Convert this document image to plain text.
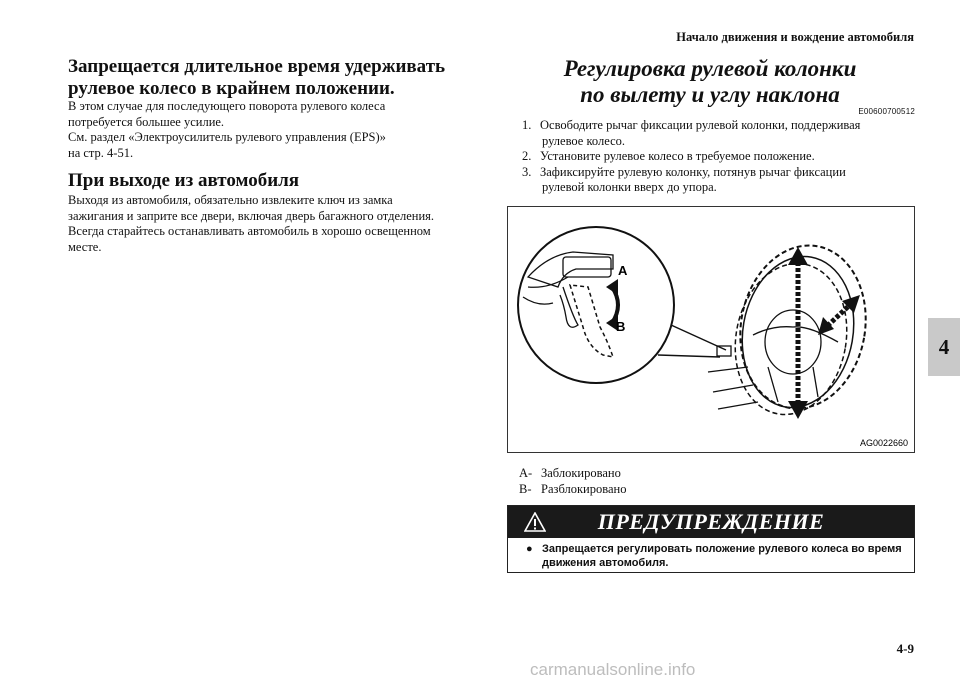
Начало движения и вождение автомобиля
Запрещается длительное время удерживать
рулевое колесо в крайнем положении.
В этом случае для последующего поворота рулевого колеса
потребуется большее усилие.
См. раздел «Электроусилитель рулевого управления (EPS)»
на стр. 4-51.
При выходе из автомобиля
Выходя из автомобиля, обязательно извлеките ключ из замка
зажигания и заприте все двери, включая дверь багажного отделения.
Всегда старайтесь останавливать автомобиль в хорошо освещенном
месте.
Регулировка рулевой колонки
по вылету и углу наклона
E00600700512
1. Освободите рычаг фиксации рулевой колонки, поддерживая
рулевое колесо.
2. Установите рулевое колесо в требуемое положение.
3. Зафиксируйте рулевую колонку, потянув рычаг фиксации
рулевой колонки вверх до упора.
A
B
AG0022660
A- Заблокировано
B- Разблокировано
ПРЕДУПРЕЖДЕНИЕ
● Запрещается регулировать положение рулевого колеса во время
движения автомобиля.
4
4-9
carmanualsonline.info
